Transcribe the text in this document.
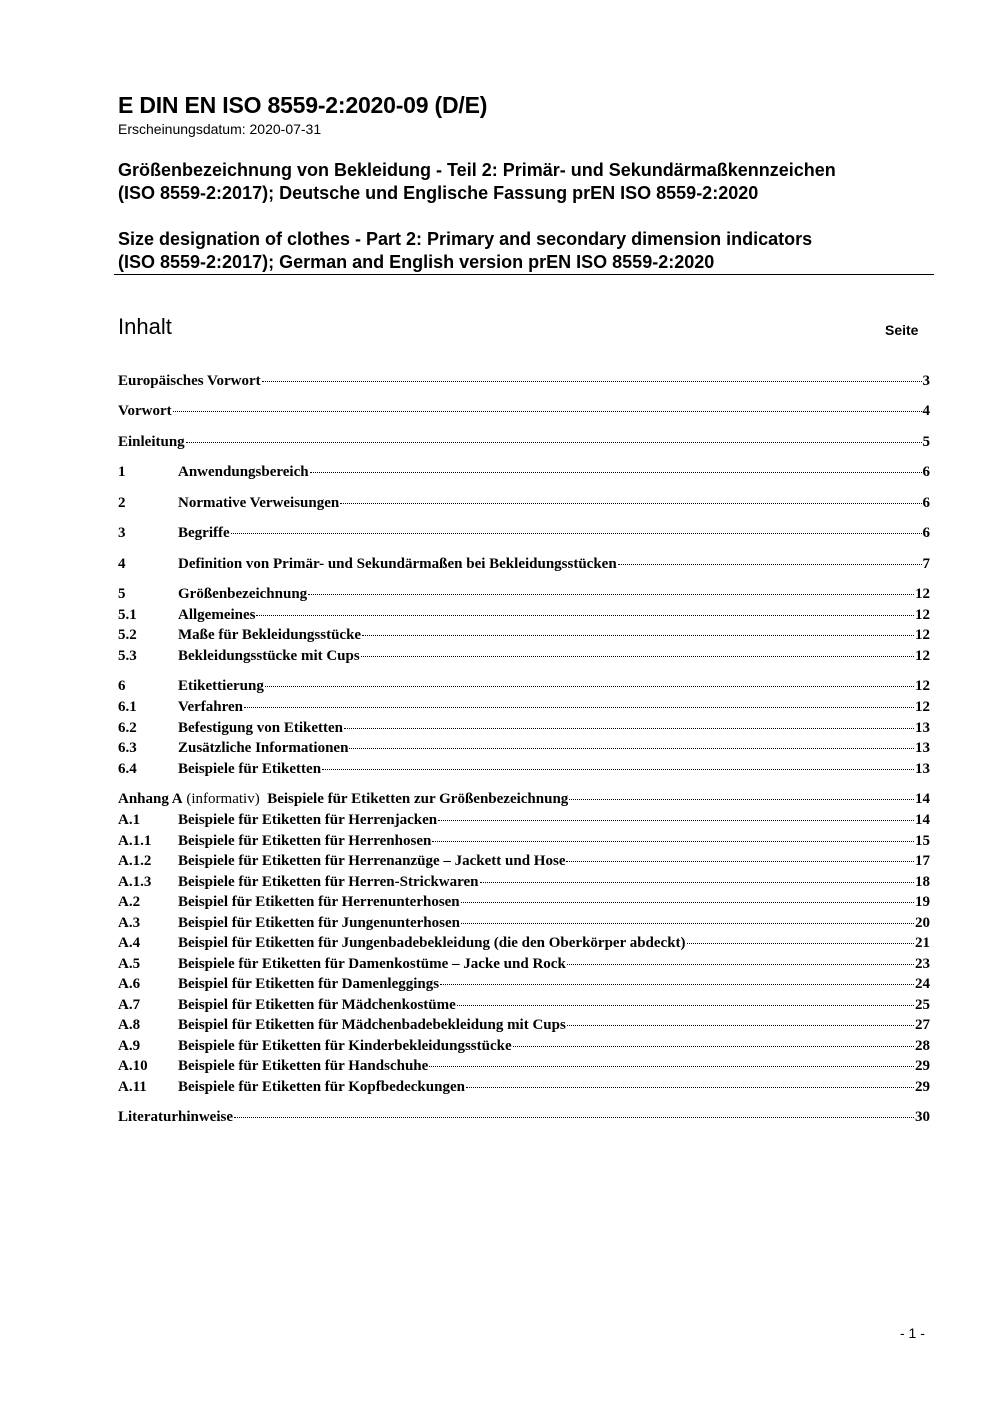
E DIN EN ISO 8559-2:2020-09 (D/E)
Erscheinungsdatum: 2020-07-31
Größenbezeichnung von Bekleidung - Teil 2: Primär- und Sekundärmaßkennzeichen
(ISO 8559-2:2017); Deutsche und Englische Fassung prEN ISO 8559-2:2020
Size designation of clothes - Part 2: Primary and secondary dimension indicators
(ISO 8559-2:2017); German and English version prEN ISO 8559-2:2020
Inhalt	Seite
Europäisches Vorwort	3
Vorwort	4
Einleitung	5
1	Anwendungsbereich	6
2	Normative Verweisungen	6
3	Begriffe	6
4	Definition von Primär- und Sekundärmaßen bei Bekleidungsstücken	7
5	Größenbezeichnung	12
5.1	Allgemeines	12
5.2	Maße für Bekleidungsstücke	12
5.3	Bekleidungsstücke mit Cups	12
6	Etikettierung	12
6.1	Verfahren	12
6.2	Befestigung von Etiketten	13
6.3	Zusätzliche Informationen	13
6.4	Beispiele für Etiketten	13
Anhang A (informativ)  Beispiele für Etiketten zur Größenbezeichnung	14
A.1	Beispiele für Etiketten für Herrenjacken	14
A.1.1	Beispiele für Etiketten für Herrenhosen	15
A.1.2	Beispiele für Etiketten für Herrenanzüge – Jackett und Hose	17
A.1.3	Beispiele für Etiketten für Herren-Strickwaren	18
A.2	Beispiel für Etiketten für Herrenunterhosen	19
A.3	Beispiel für Etiketten für Jungenunterhosen	20
A.4	Beispiel für Etiketten für Jungenbadebekleidung (die den Oberkörper abdeckt)	21
A.5	Beispiele für Etiketten für Damenkostüme – Jacke und Rock	23
A.6	Beispiel für Etiketten für Damenleggings	24
A.7	Beispiel für Etiketten für Mädchenkostüme	25
A.8	Beispiel für Etiketten für Mädchenbadebekleidung mit Cups	27
A.9	Beispiele für Etiketten für Kinderbekleidungsstücke	28
A.10	Beispiele für Etiketten für Handschuhe	29
A.11	Beispiele für Etiketten für Kopfbedeckungen	29
Literaturhinweise	30
- 1 -
